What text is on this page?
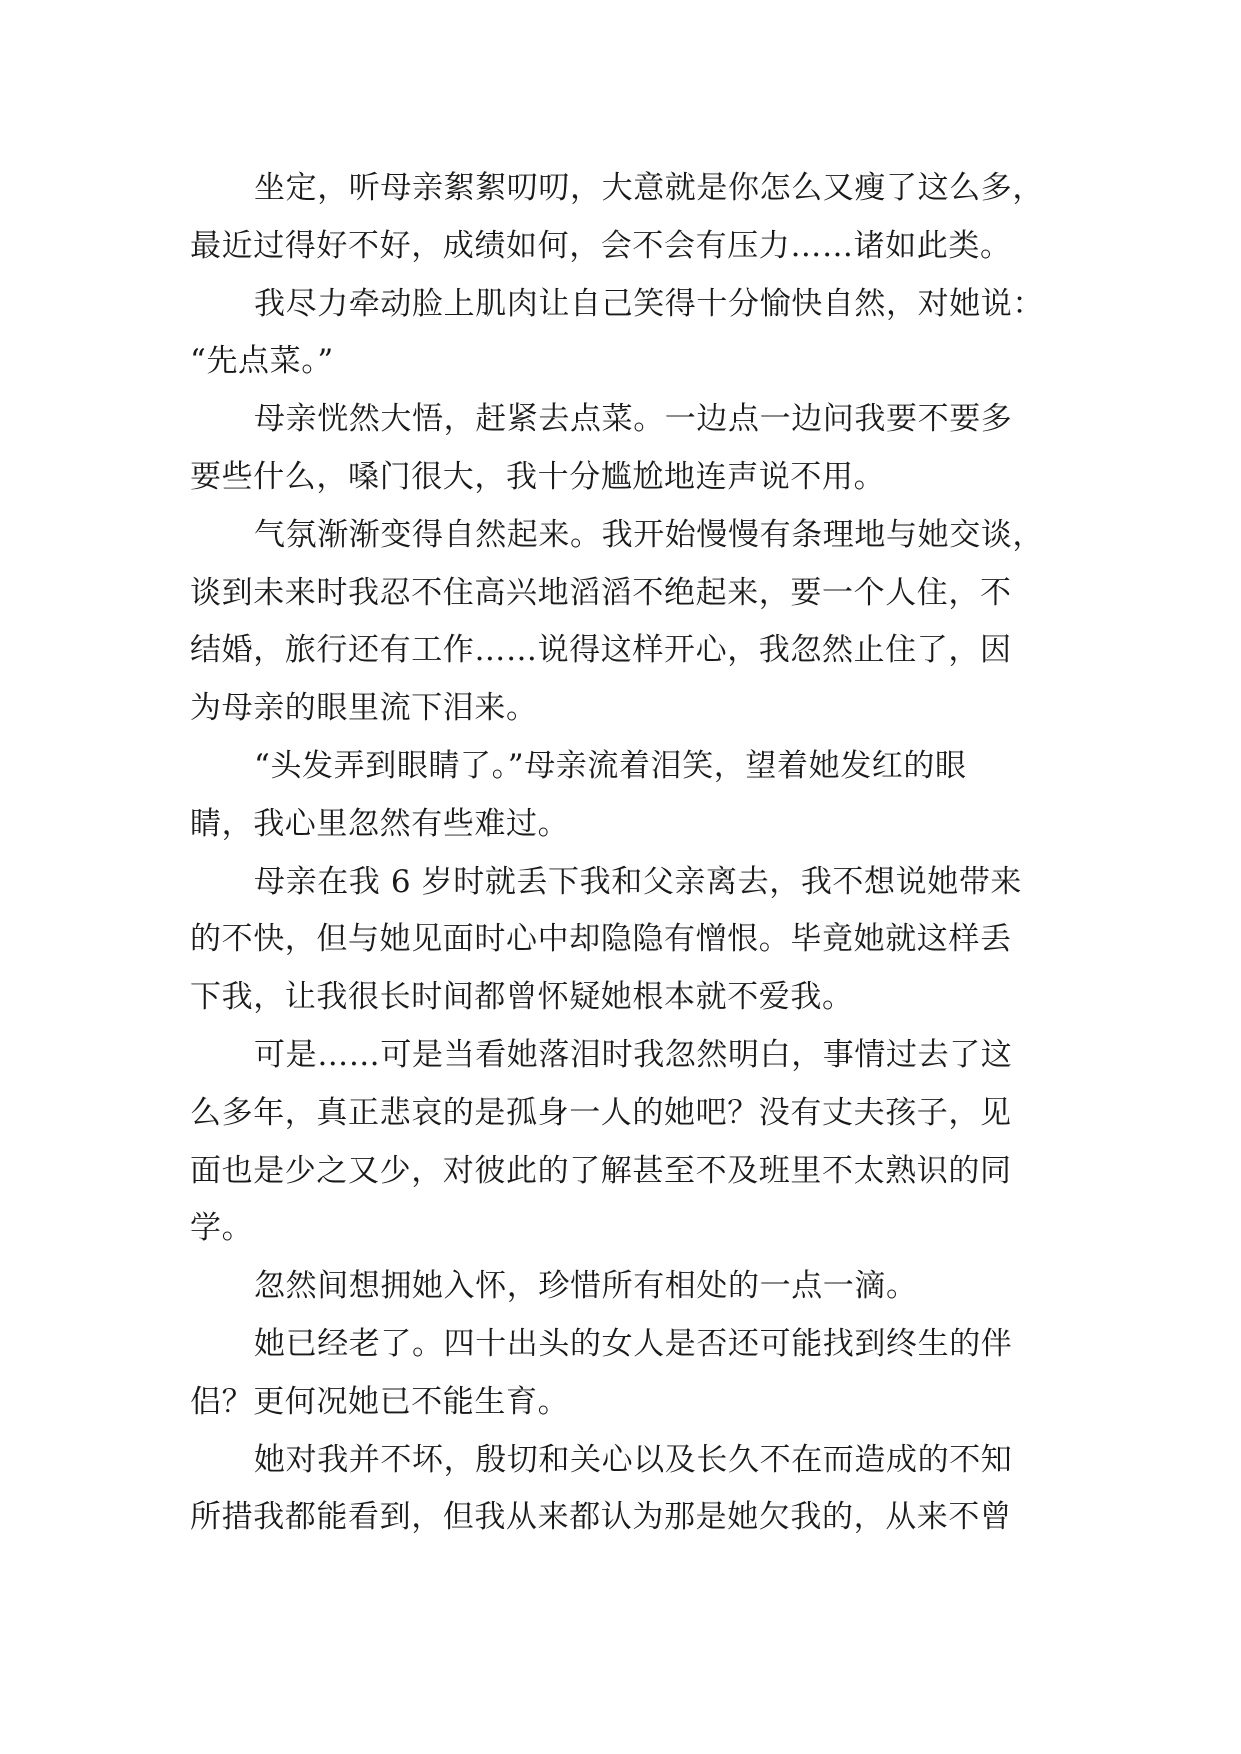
坐定，听母亲絮絮叨叨，大意就是你怎么又瘦了这么多，
最近过得好不好，成绩如何，会不会有压力……诸如此类。
我尽力牵动脸上肌肉让自己笑得十分愉快自然，对她说：
“先点菜。”
母亲恍然大悟，赶紧去点菜。一边点一边问我要不要多
要些什么，嗓门很大，我十分尴尬地连声说不用。
气氛渐渐变得自然起来。我开始慢慢有条理地与她交谈，
谈到未来时我忍不住高兴地滔滔不绝起来，要一个人住，不
结婚，旅行还有工作……说得这样开心，我忽然止住了，因
为母亲的眼里流下泪来。
“头发弄到眼睛了。”母亲流着泪笑，望着她发红的眼
睛，我心里忽然有些难过。
母亲在我 6 岁时就丢下我和父亲离去，我不想说她带来
的不快，但与她见面时心中却隐隐有憎恨。毕竟她就这样丢
下我，让我很长时间都曾怀疑她根本就不爱我。
可是……可是当看她落泪时我忽然明白，事情过去了这
么多年，真正悲哀的是孤身一人的她吧？没有丈夫孩子，见
面也是少之又少，对彼此的了解甚至不及班里不太熟识的同
学。
忽然间想拥她入怀，珍惜所有相处的一点一滴。
她已经老了。四十出头的女人是否还可能找到终生的伴
侣？更何况她已不能生育。
她对我并不坏，殷切和关心以及长久不在而造成的不知
所措我都能看到，但我从来都认为那是她欠我的，从来不曾
